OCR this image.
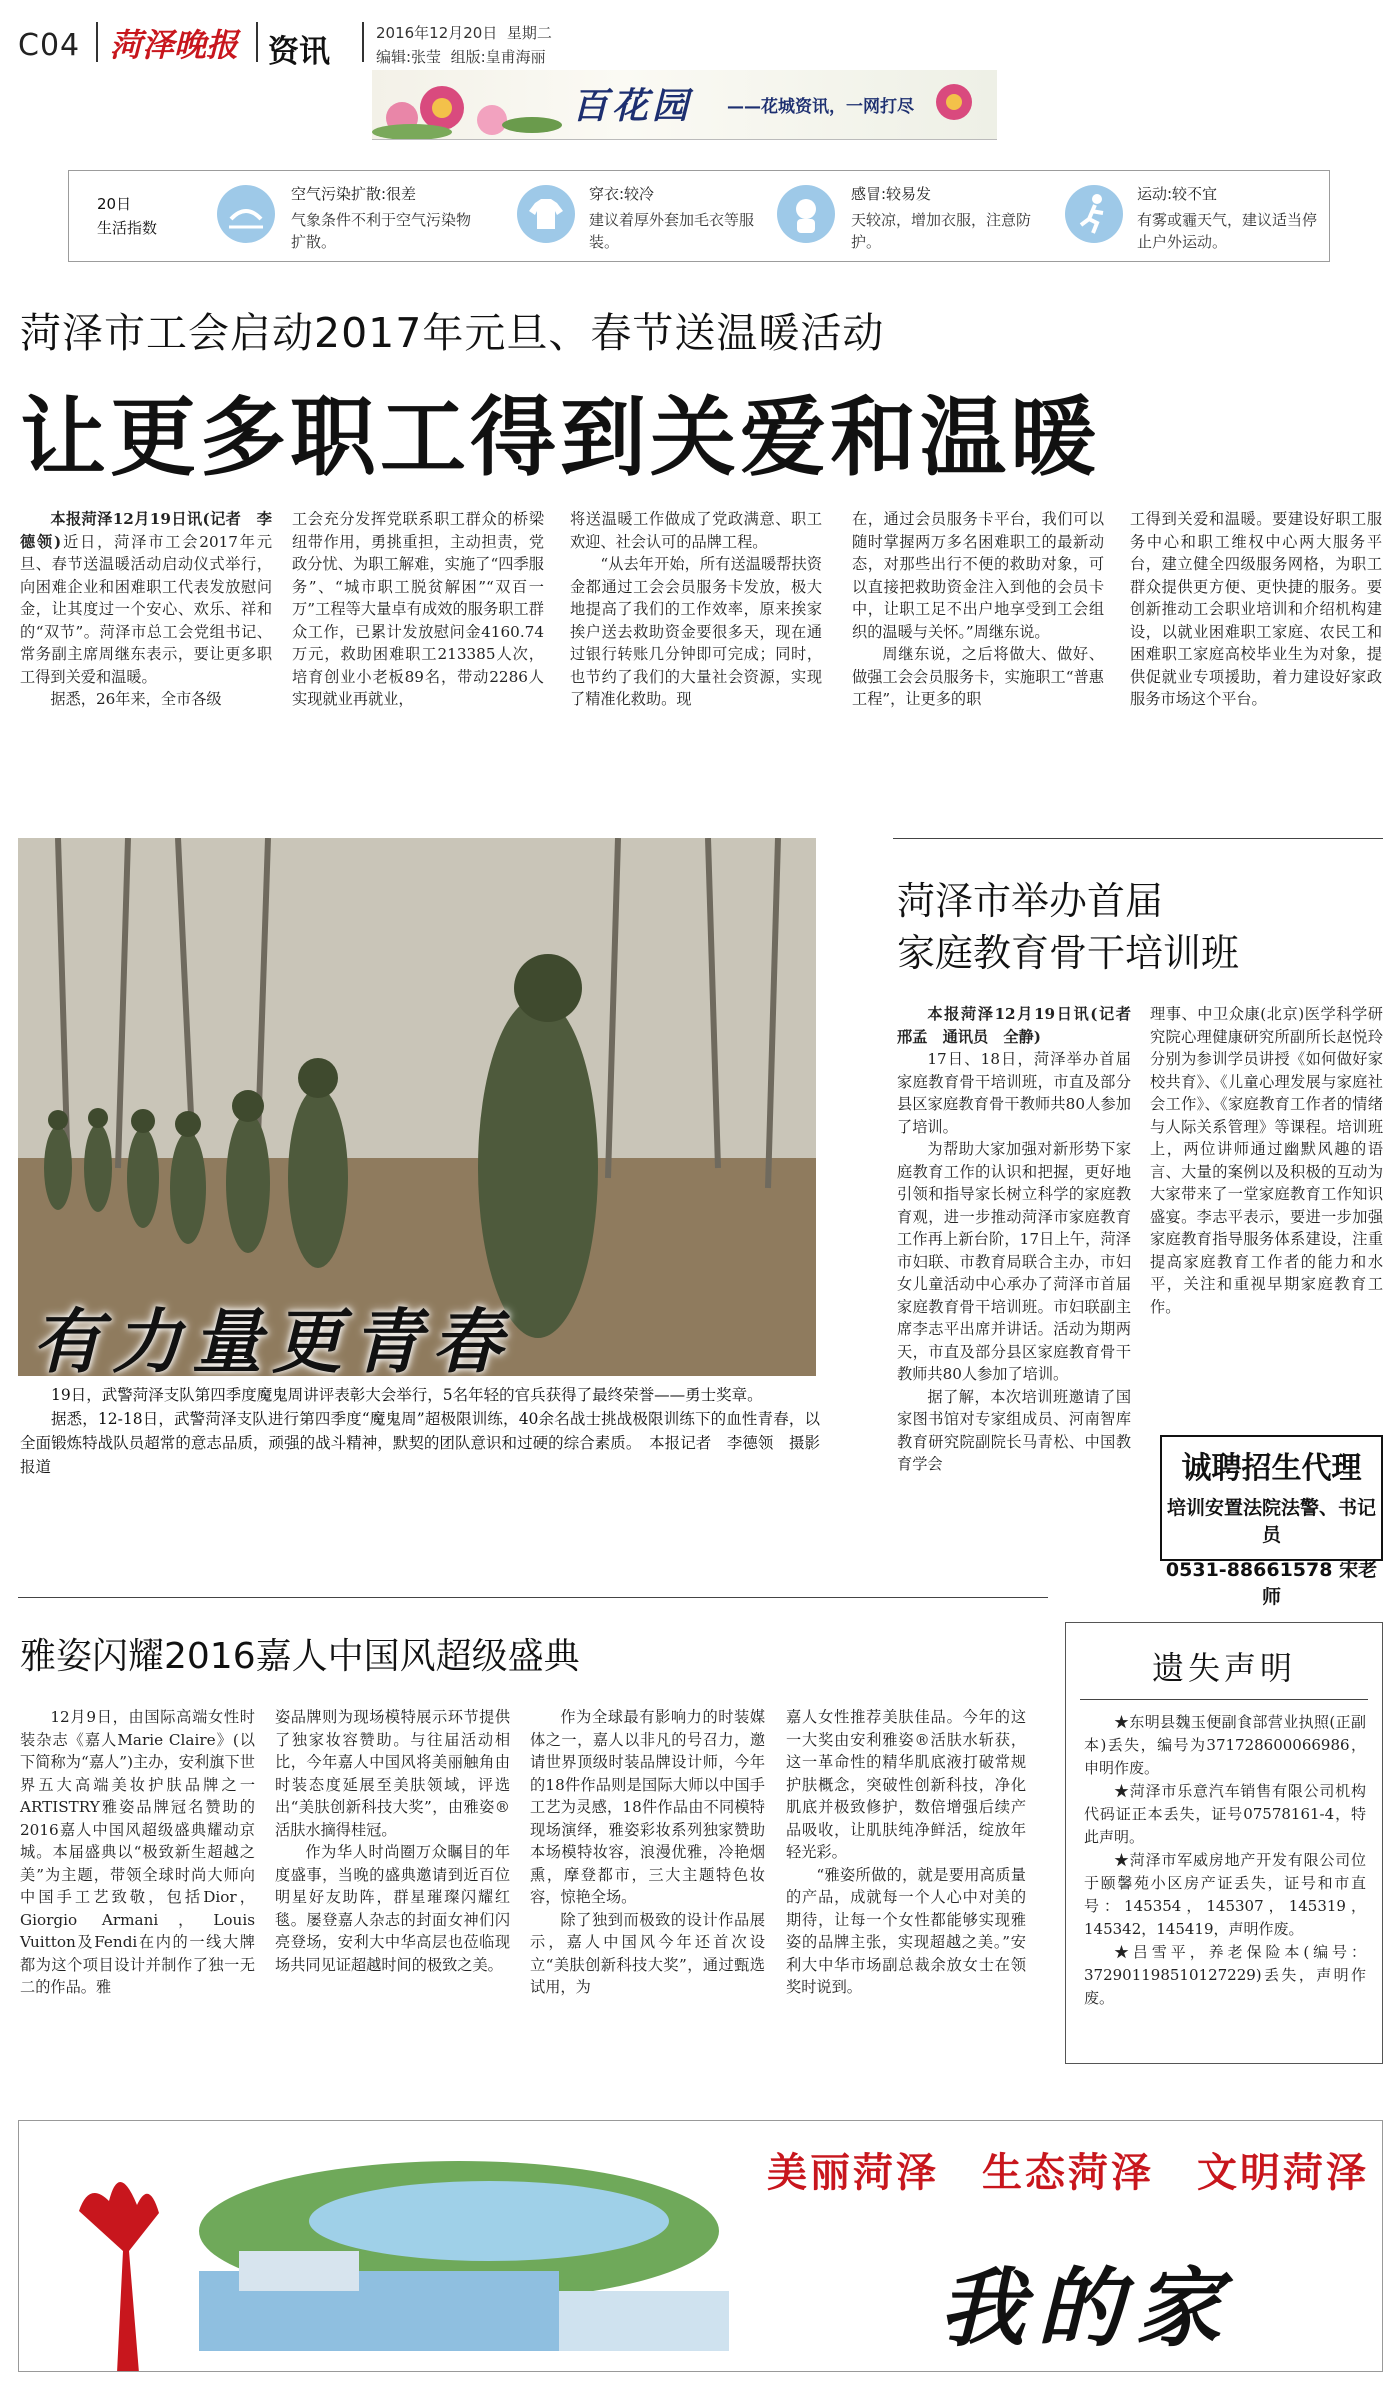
C04 菏泽晚报 资讯
2016年12月20日 星期二
编辑:张莹 组版:皇甫海丽
百花园 ——花城资讯，一网打尽
20日
生活指数
空气污染扩散:很差
气象条件不利于空气污染物扩散。
穿衣:较冷
建议着厚外套加毛衣等服装。
感冒:较易发
天较凉，增加衣服，注意防护。
运动:较不宜
有雾或霾天气，建议适当停止户外运动。
菏泽市工会启动2017年元旦、春节送温暖活动
让更多职工得到关爱和温暖

本报菏泽12月19日讯(记者　李德领)近日，菏泽市工会2017年元旦、春节送温暖活动启动仪式举行，向困难企业和困难职工代表发放慰问金，让其度过一个安心、欢乐、祥和的“双节”。菏泽市总工会党组书记、常务副主席周继东表示，要让更多职工得到关爱和温暖。

据悉，26年来，全市各级

工会充分发挥党联系职工群众的桥梁纽带作用，勇挑重担，主动担责，党政分忧、为职工解难，实施了“四季服务”、“城市职工脱贫解困”“双百一万”工程等大量卓有成效的服务职工群众工作，已累计发放慰问金4160.74万元，救助困难职工213385人次，培育创业小老板89名，带动2286人实现就业再就业，

将送温暖工作做成了党政满意、职工欢迎、社会认可的品牌工程。

“从去年开始，所有送温暖帮扶资金都通过工会会员服务卡发放，极大地提高了我们的工作效率，原来挨家挨户送去救助资金要很多天，现在通过银行转账几分钟即可完成；同时，也节约了我们的大量社会资源，实现了精准化救助。现

在，通过会员服务卡平台，我们可以随时掌握两万多名困难职工的最新动态，对那些出行不便的救助对象，可以直接把救助资金注入到他的会员卡中，让职工足不出户地享受到工会组织的温暖与关怀。”周继东说。

周继东说，之后将做大、做好、做强工会会员服务卡，实施职工“普惠工程”，让更多的职

工得到关爱和温暖。要建设好职工服务中心和职工维权中心两大服务平台，建立健全四级服务网格，为职工群众提供更方便、更快捷的服务。要创新推动工会职业培训和介绍机构建设，以就业困难职工家庭、农民工和困难职工家庭高校毕业生为对象，提供促就业专项援助，着力建设好家政服务市场这个平台。

有力量更青春

19日，武警菏泽支队第四季度魔鬼周讲评表彰大会举行，5名年轻的官兵获得了最终荣誉——勇士奖章。

据悉，12-18日，武警菏泽支队进行第四季度“魔鬼周”超极限训练，40余名战士挑战极限训练下的血性青春，以全面锻炼特战队员超常的意志品质，顽强的战斗精神，默契的团队意识和过硬的综合素质。　本报记者　李德领　摄影报道

菏泽市举办首届
家庭教育骨干培训班

本报菏泽12月19日讯(记者　邢孟　通讯员　全静)

17日、18日，菏泽举办首届家庭教育骨干培训班，市直及部分县区家庭教育骨干教师共80人参加了培训。

为帮助大家加强对新形势下家庭教育工作的认识和把握，更好地引领和指导家长树立科学的家庭教育观，进一步推动菏泽市家庭教育工作再上新台阶，17日上午，菏泽市妇联、市教育局联合主办，市妇女儿童活动中心承办了菏泽市首届家庭教育骨干培训班。市妇联副主席李志平出席并讲话。活动为期两天，市直及部分县区家庭教育骨干教师共80人参加了培训。

据了解，本次培训班邀请了国家图书馆对专家组成员、河南智库教育研究院副院长马青松、中国教育学会

理事、中卫众康(北京)医学科学研究院心理健康研究所副所长赵悦玲分别为参训学员讲授《如何做好家校共育》、《儿童心理发展与家庭社会工作》、《家庭教育工作者的情绪与人际关系管理》等课程。培训班上，两位讲师通过幽默风趣的语言、大量的案例以及积极的互动为大家带来了一堂家庭教育工作知识盛宴。李志平表示，要进一步加强家庭教育指导服务体系建设，注重提高家庭教育工作者的能力和水平，关注和重视早期家庭教育工作。

诚聘招生代理
培训安置法院法警、书记员
0531-88661578 宋老师
雅姿闪耀2016嘉人中国风超级盛典

12月9日，由国际高端女性时装杂志《嘉人Marie Claire》(以下简称为“嘉人”)主办，安利旗下世界五大高端美妆护肤品牌之一ARTISTRY雅姿品牌冠名赞助的2016嘉人中国风超级盛典耀动京城。本届盛典以“极致新生超越之美”为主题，带领全球时尚大师向中国手工艺致敬，包括Dior，Giorgio Armani，Louis Vuitton及Fendi在内的一线大牌都为这个项目设计并制作了独一无二的作品。雅

姿品牌则为现场模特展示环节提供了独家妆容赞助。与往届活动相比，今年嘉人中国风将美丽触角由时装态度延展至美肤领域，评选出“美肤创新科技大奖”，由雅姿®活肤水摘得桂冠。

作为华人时尚圈万众瞩目的年度盛事，当晚的盛典邀请到近百位明星好友助阵，群星璀璨闪耀红毯。屡登嘉人杂志的封面女神们闪亮登场，安利大中华高层也莅临现场共同见证超越时间的极致之美。

作为全球最有影响力的时装媒体之一，嘉人以非凡的号召力，邀请世界顶级时装品牌设计师，今年的18件作品则是国际大师以中国手工艺为灵感，18件作品由不同模特现场演绎，雅姿彩妆系列独家赞助本场模特妆容，浪漫优雅，冷艳烟熏，摩登都市，三大主题特色妆容，惊艳全场。

除了独到而极致的设计作品展示，嘉人中国风今年还首次设立“美肤创新科技大奖”，通过甄选试用，为

嘉人女性推荐美肤佳品。今年的这一大奖由安利雅姿®活肤水斩获，这一革命性的精华肌底液打破常规护肤概念，突破性创新科技，净化肌底并极致修护，数倍增强后续产品吸收，让肌肤纯净鲜活，绽放年轻光彩。

“雅姿所做的，就是要用高质量的产品，成就每一个人心中对美的期待，让每一个女性都能够实现雅姿的品牌主张，实现超越之美。”安利大中华市场副总裁余放女士在领奖时说到。

遗失声明

★东明县魏玉便副食部营业执照(正副本)丢失，编号为371728600066986，申明作废。

★菏泽市乐意汽车销售有限公司机构代码证正本丢失，证号07578161-4，特此声明。

★菏泽市军威房地产开发有限公司位于颐馨苑小区房产证丢失，证号和市直号：145354，145307，145319，145342，145419，声明作废。

★吕雪平，养老保险本(编号：372901198510127229)丢失，声明作废。

美丽菏泽　生态菏泽　文明菏泽
我的家
